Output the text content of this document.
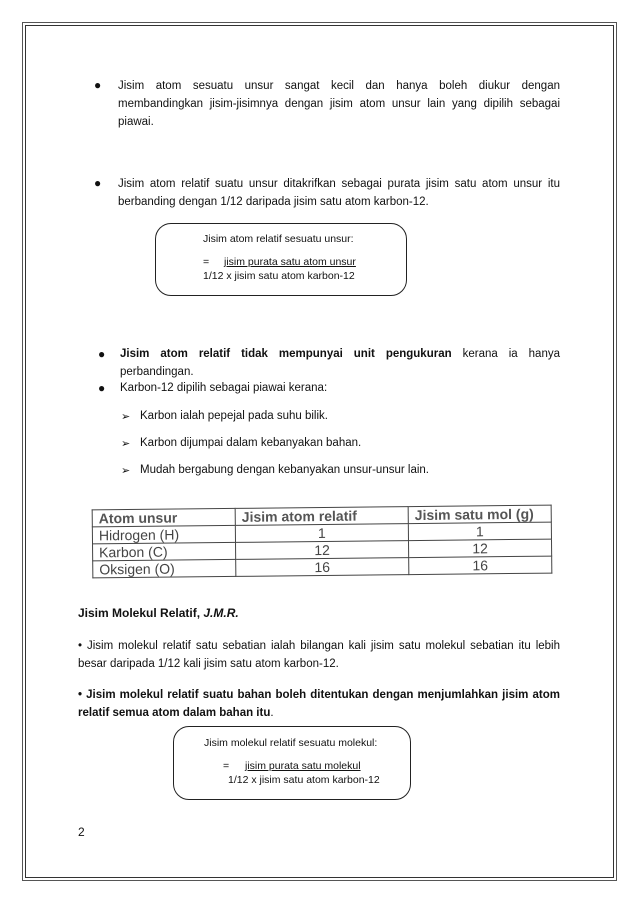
● Jisim atom sesuatu unsur sangat kecil dan hanya boleh diukur dengan membandingkan jisim-jisimnya dengan jisim atom unsur lain yang dipilih sebagai piawai.
● Jisim atom relatif suatu unsur ditakrifkan sebagai purata jisim satu atom unsur itu berbanding dengan 1/12 daripada jisim satu atom karbon-12.
Jisim atom relatif sesuatu unsur:
= jisim purata satu atom unsur
1/12 x jisim satu atom karbon-12
● Jisim atom relatif tidak mempunyai unit pengukuran kerana ia hanya perbandingan.
● Karbon-12 dipilih sebagai piawai kerana:
➢ Karbon ialah pepejal pada suhu bilik.
➢ Karbon dijumpai dalam kebanyakan bahan.
➢ Mudah bergabung dengan kebanyakan unsur-unsur lain.
Atom unsur	Jisim atom relatif	Jisim satu mol (g)
Hidrogen (H)	1	1
Karbon (C)	12	12
Oksigen (O)	16	16
Jisim Molekul Relatif, J.M.R.
• Jisim molekul relatif satu sebatian ialah bilangan kali jisim satu molekul sebatian itu lebih besar daripada 1/12 kali jisim satu atom karbon-12.
• Jisim molekul relatif suatu bahan boleh ditentukan dengan menjumlahkan jisim atom relatif semua atom dalam bahan itu.
Jisim molekul relatif sesuatu molekul:
= jisim purata satu molekul
1/12 x jisim satu atom karbon-12
2
